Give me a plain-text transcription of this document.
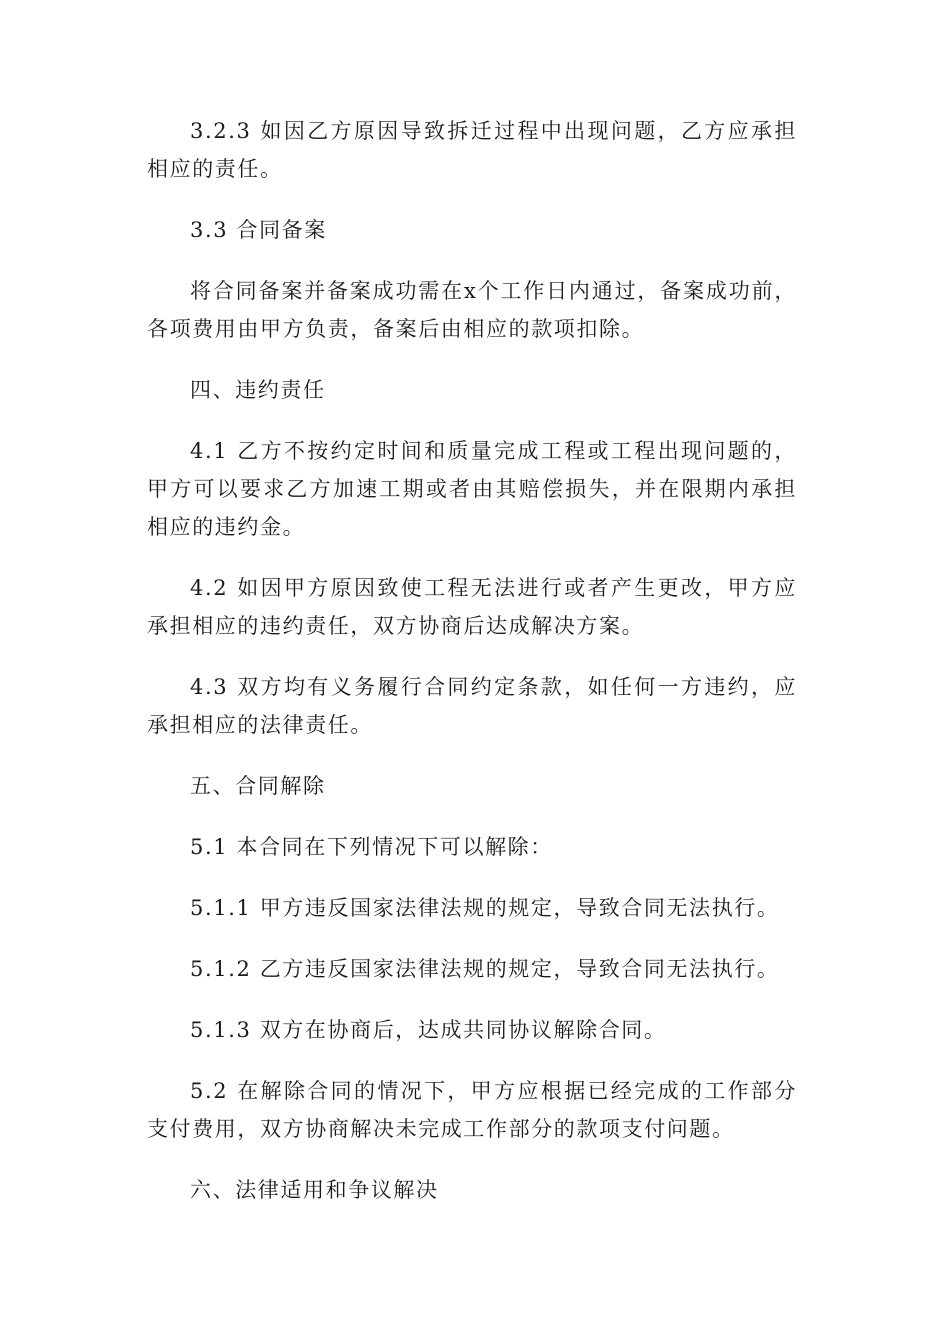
3.2.3 如因乙方原因导致拆迁过程中出现问题，乙方应承担相应的责任。

3.3 合同备案

将合同备案并备案成功需在x个工作日内通过，备案成功前，各项费用由甲方负责，备案后由相应的款项扣除。

四、违约责任

4.1 乙方不按约定时间和质量完成工程或工程出现问题的，甲方可以要求乙方加速工期或者由其赔偿损失，并在限期内承担相应的违约金。

4.2 如因甲方原因致使工程无法进行或者产生更改，甲方应承担相应的违约责任，双方协商后达成解决方案。

4.3 双方均有义务履行合同约定条款，如任何一方违约，应承担相应的法律责任。

五、合同解除

5.1 本合同在下列情况下可以解除：

5.1.1 甲方违反国家法律法规的规定，导致合同无法执行。

5.1.2 乙方违反国家法律法规的规定，导致合同无法执行。

5.1.3 双方在协商后，达成共同协议解除合同。

5.2 在解除合同的情况下，甲方应根据已经完成的工作部分支付费用，双方协商解决未完成工作部分的款项支付问题。

六、法律适用和争议解决
